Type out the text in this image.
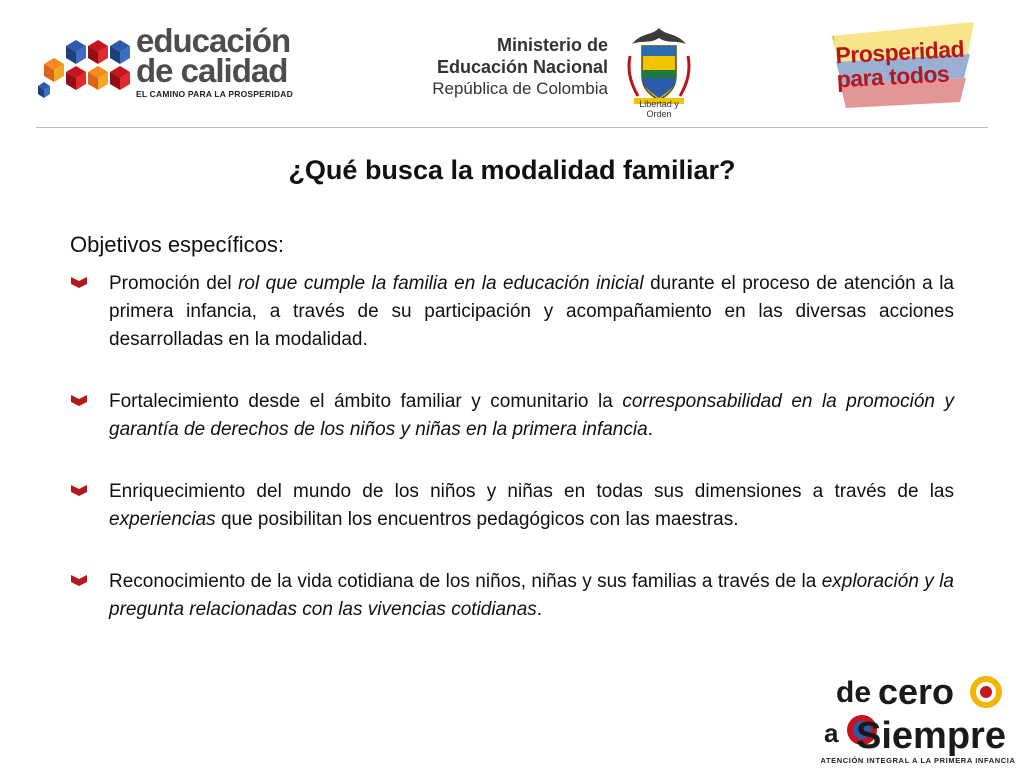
educación
de calidad
EL CAMINO PARA LA PROSPERIDAD
Ministerio de
Educación Nacional
República de Colombia
Libertad y Orden
Prosperidad
para todos
¿Qué busca la modalidad familiar?
Objetivos específicos:
Promoción del rol que cumple la familia en la educación inicial durante el proceso de atención a la primera infancia, a través de su participación y acompañamiento en las diversas acciones desarrolladas en la modalidad.
Fortalecimiento desde el ámbito familiar y comunitario la corresponsabilidad en la promoción y garantía de derechos de los niños y niñas en la primera infancia.
Enriquecimiento del mundo de los niños y niñas en todas sus dimensiones a través de las experiencias que posibilitan los encuentros pedagógicos con las maestras.
Reconocimiento de la vida cotidiana de los niños, niñas y sus familias a través de la exploración y la pregunta relacionadas con las vivencias cotidianas.
de cero
a Siempre
ATENCIÓN INTEGRAL A LA PRIMERA INFANCIA
